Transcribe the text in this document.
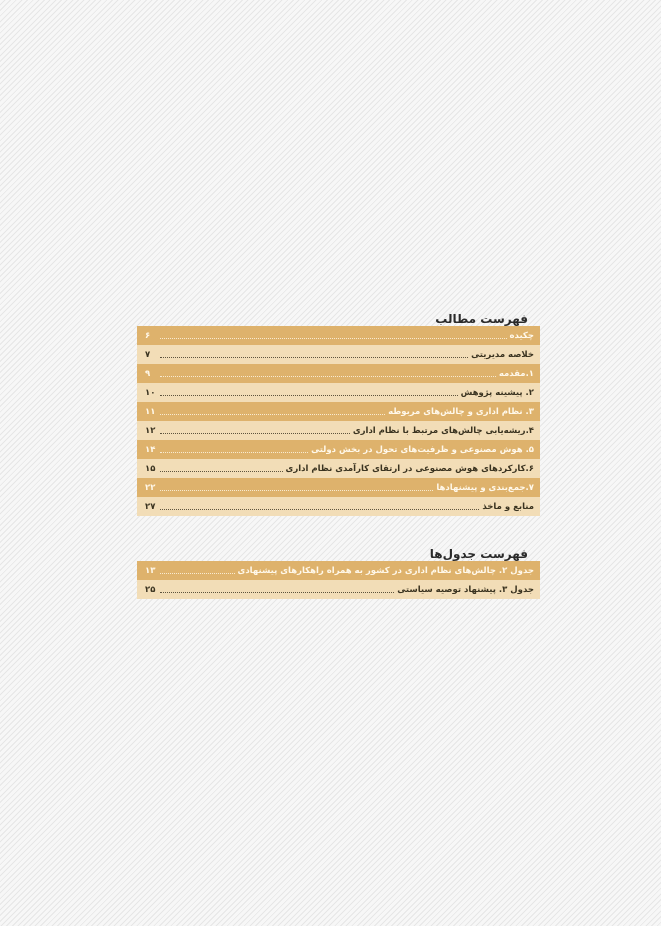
فهرست مطالب
چکیده
۶
خلاصه مدیریتی
۷
۱.مقدمه
۹
۲. پیشینه پژوهش
۱۰
۳. نظام اداری و چالش‌های مربوطه
۱۱
۴.ریشه‌یابی چالش‌های مرتبط با نظام اداری
۱۲
۵. هوش مصنوعی و ظرفیت‌های تحول در بخش دولتی
۱۴
۶.کارکردهای هوش مصنوعی در ارتقای کارآمدی نظام اداری
۱۵
۷.جمع‌بندی و پیشنهادها
۲۲
منابع و ماخذ
۲۷
فهرست جدول‌ها
جدول ۲. چالش‌های نظام اداری در کشور به همراه راهکارهای پیشنهادی
۱۳
جدول ۳. پیشنهاد توصیه سیاستی
۲۵
